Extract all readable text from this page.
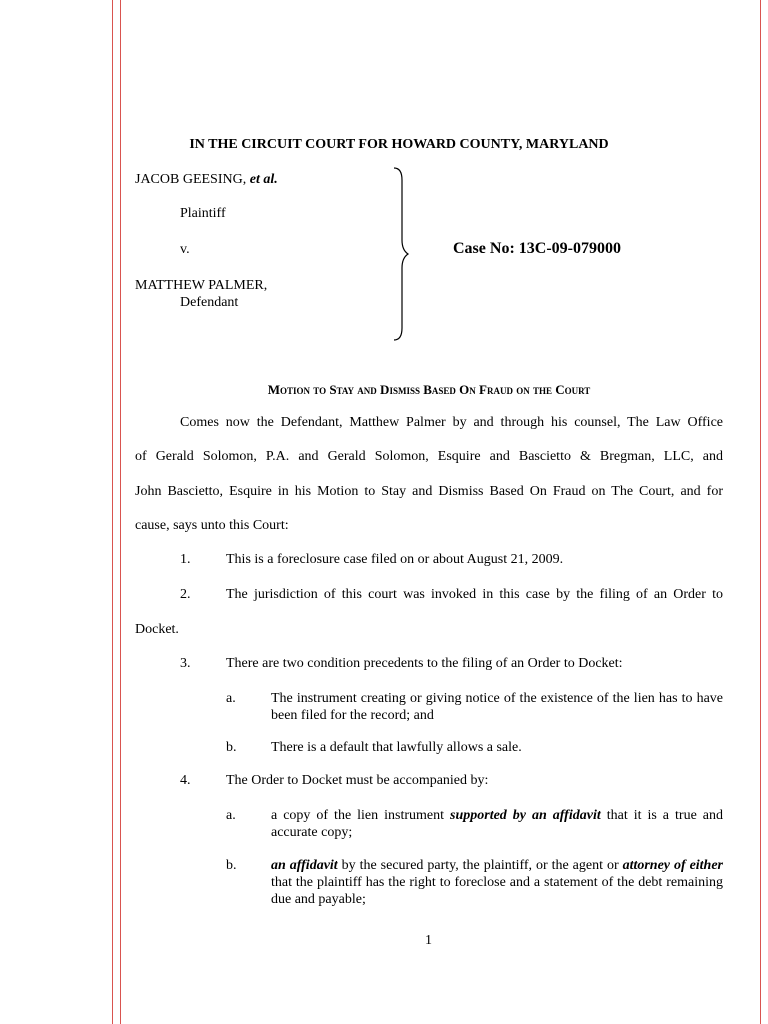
IN THE CIRCUIT COURT FOR HOWARD COUNTY, MARYLAND
JACOB GEESING, et al.
Plaintiff
v.
MATTHEW PALMER,
Defendant
Case No: 13C-09-079000
Motion to Stay and Dismiss Based On Fraud on the Court
Comes now the Defendant, Matthew Palmer by and through his counsel, The Law Office
of Gerald Solomon, P.A. and Gerald Solomon, Esquire and Bascietto & Bregman, LLC, and
John Bascietto, Esquire in his Motion to Stay and Dismiss Based On Fraud on The Court, and for
cause, says unto this Court:
1.	This is a foreclosure case filed on or about August 21, 2009.
2.	The jurisdiction of this court was invoked in this case by the filing of an Order to
Docket.
3.	There are two condition precedents to the filing of an Order to Docket:
a.	The instrument creating or giving notice of the existence of the lien has to have been filed for the record; and
b. There is a default that lawfully allows a sale.
4.	The Order to Docket must be accompanied by:
a.	a copy of the lien instrument supported by an affidavit that it is a true and accurate copy;
b. an affidavit by the secured party, the plaintiff, or the agent or attorney of either that the plaintiff has the right to foreclose and a statement of the debt remaining due and payable;
1
